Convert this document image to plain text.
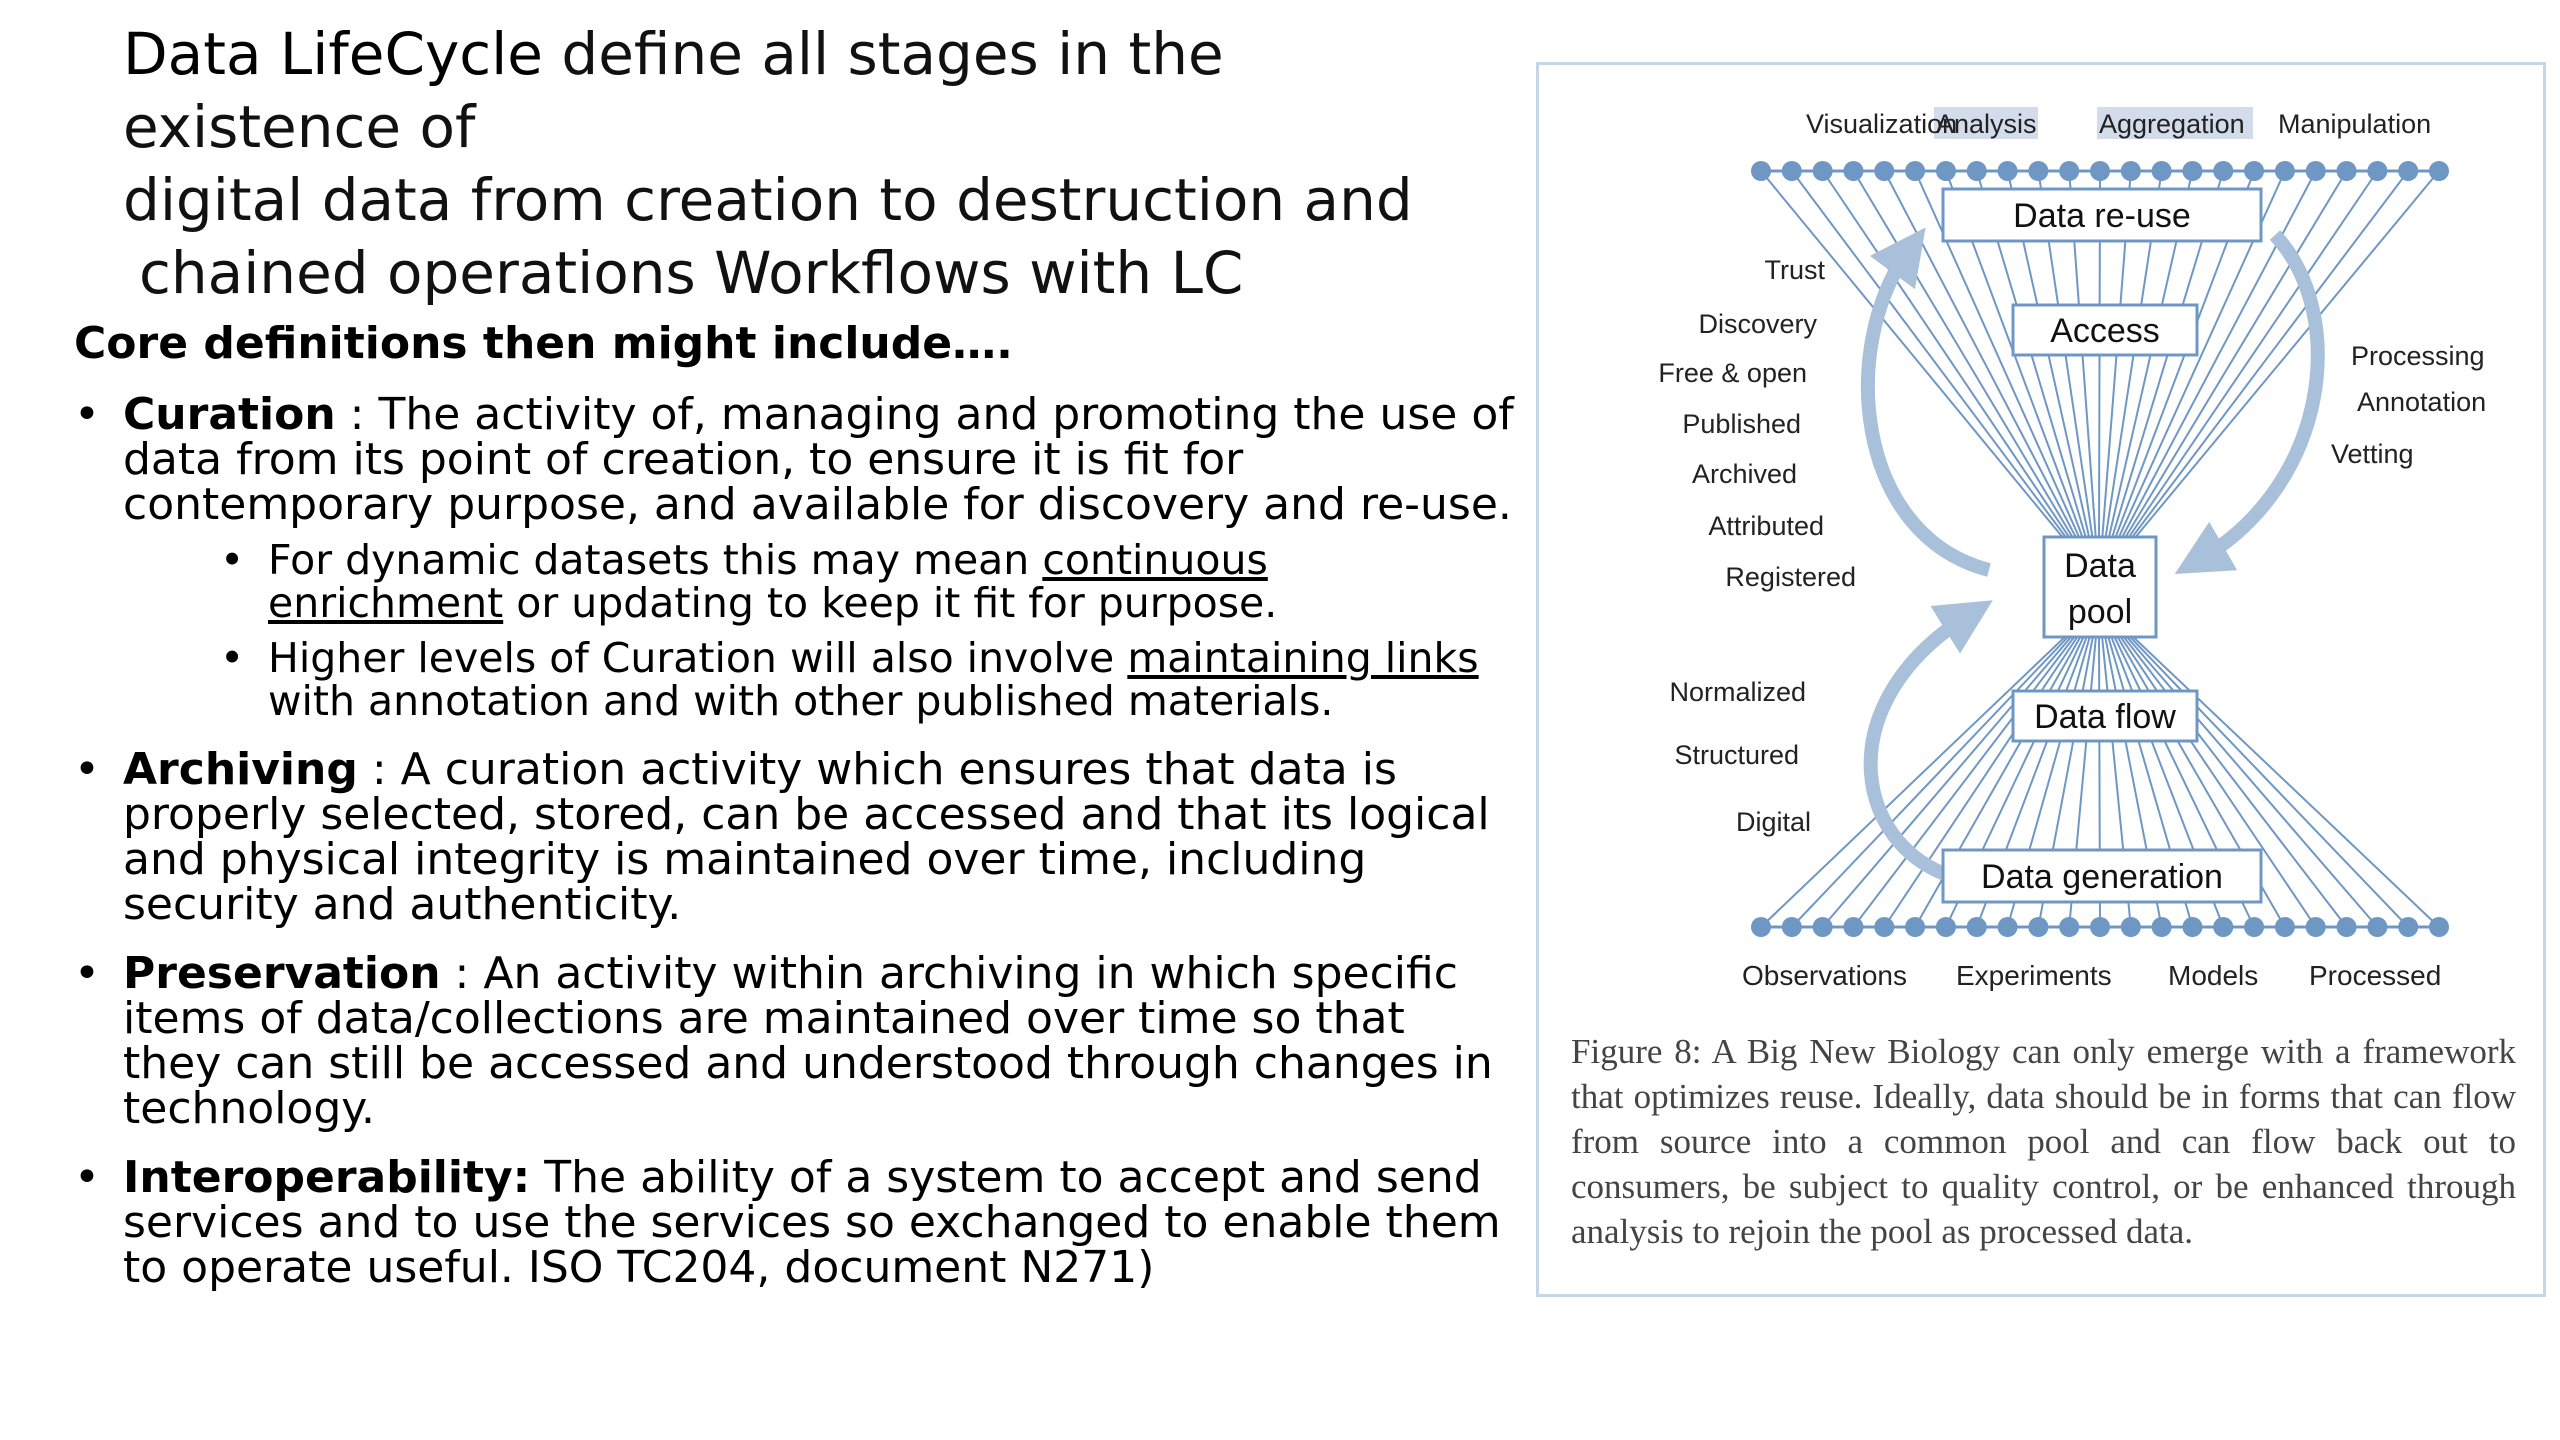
Data LifeCycle define all stages in the existence of
digital data from creation to destruction and

chained operations Workflows with LC

Core definitions then might include….

• Curation : The activity of, managing and promoting the use of data from its point of creation, to ensure it is fit for contemporary purpose, and available for discovery and re-use.
• For dynamic datasets this may mean continuous enrichment or updating to keep it fit for purpose.
• Higher levels of Curation will also involve maintaining links with annotation and with other published materials.
• Archiving : A curation activity which ensures that data is properly selected, stored, can be accessed and that its logical and physical integrity is maintained over time, including security and authenticity.
• Preservation : An activity within archiving in which specific items of data/collections are maintained over time so that they can still be accessed and understood through changes in technology.
• Interoperability: The ability of a system to accept and send services and to use the services so exchanged to enable them to operate useful. ISO TC204, document N271)
Visualization
Analysis Aggregation Manipulation
Data re-use
Access
Data
pool
Data flow
Data generation
Trust
Discovery
Free & open
Published
Archived
Attributed
Registered
Normalized
Structured
Digital
Processing
Annotation
Vetting
Observations Experiments Models Processed
Figure 8: A Big New Biology can only emerge with a framework that optimizes reuse. Ideally, data should be in forms that can flow from source into a common pool and can flow back out to consumers, be subject to quality control, or be enhanced through analysis to rejoin the pool as processed data.
